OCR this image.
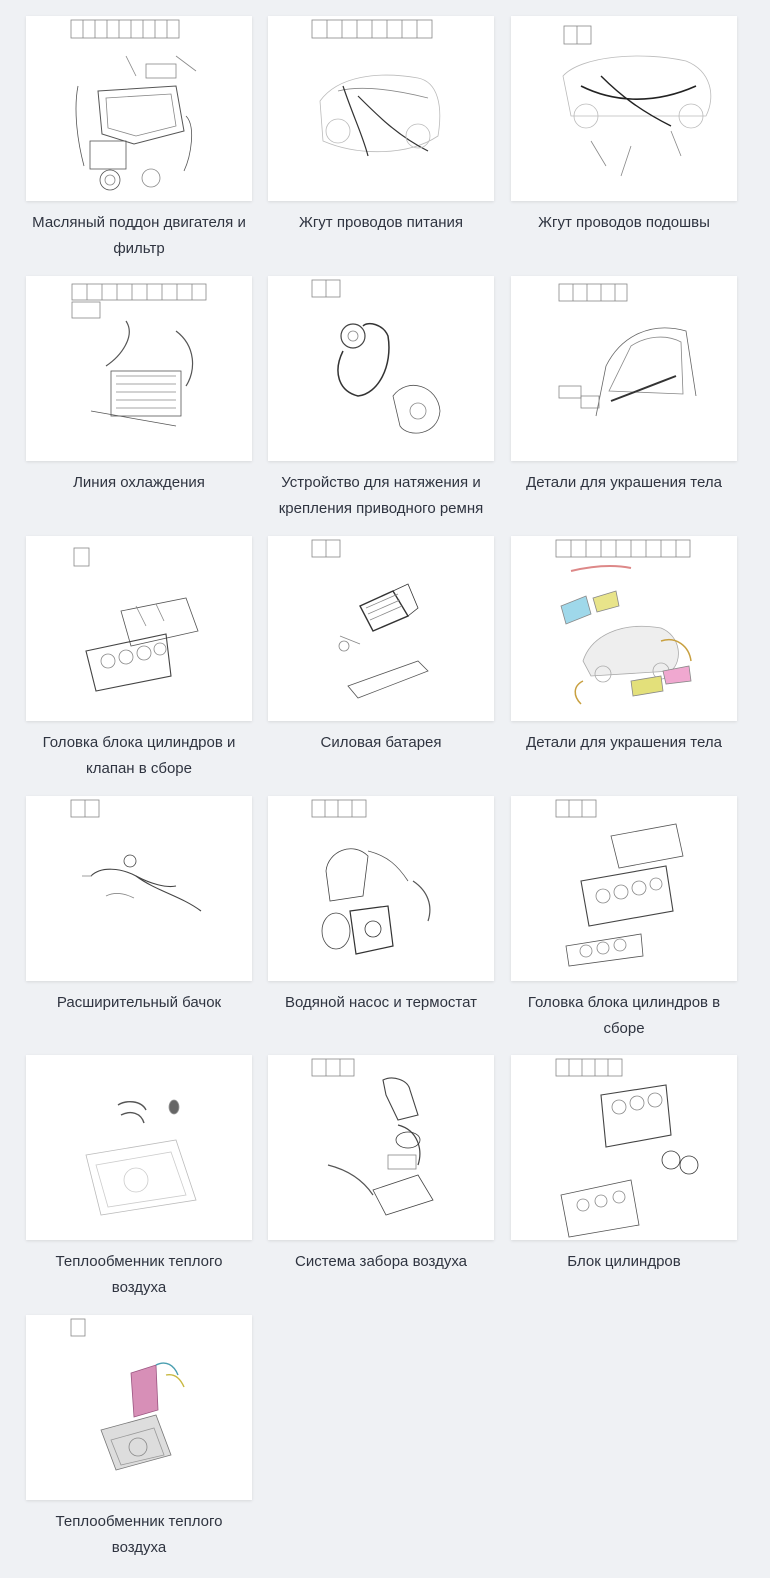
Масляный поддон двигателя и фильтр
Жгут проводов питания	Жгут проводов подошвы
Линия охлаждения	Устройство для натяжения и крепления приводного ремня
Детали для украшения тела
Головка блока цилиндров и клапан в сборе
Силовая батарея	Детали для украшения тела
Расширительный бачок	Водяной насос и термостат	Головка блока цилиндров в сборе
Теплообменник теплого воздуха
Система забора воздуха	Блок цилиндров
Теплообменник теплого воздуха
